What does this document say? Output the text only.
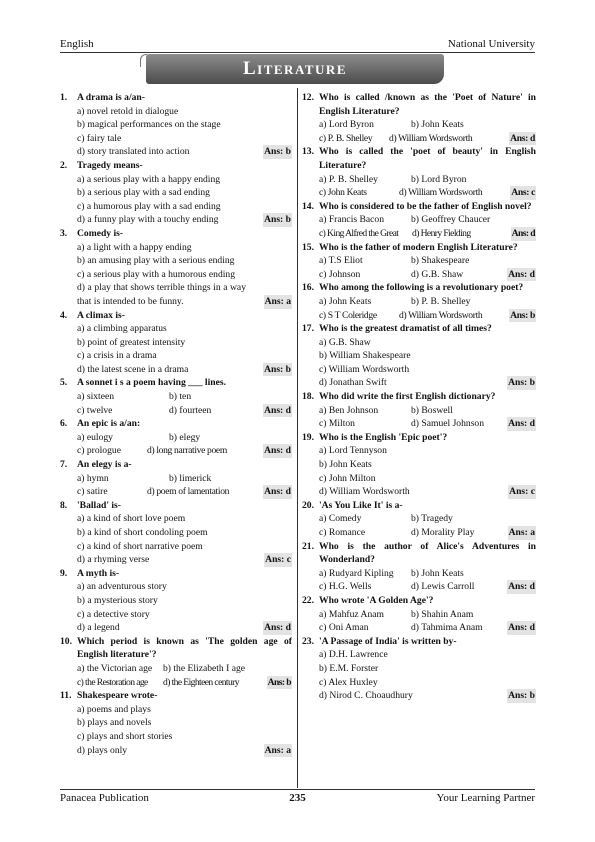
English	National University
Literature
1.	A drama is a/an-
a) novel retold in dialogue
b) magical performances on the stage
c) fairy tale
d) story translated into action	Ans: b
2.	Tragedy means-
a) a serious play with a happy ending
b) a serious play with a sad ending
c) a humorous play with a sad ending
d) a funny play with a touchy ending	Ans: b
3.	Comedy is-
a) a light with a happy ending
b) an amusing play with a serious ending
c) a serious play with a humorous ending
d) a play that shows terrible things in a way that is intended to be funny.	Ans: a
4.	A climax is-
a) a climbing apparatus
b) point of greatest intensity
c) a crisis in a drama
d) the latest scene in a drama	Ans: b
5.	A sonnet i s a poem having ___ lines.
a) sixteen	b) ten
c) twelve	d) fourteen	Ans: d
6.	An epic is a/an:
a) eulogy	b) elegy
c) prologue	d) long narrative poem	Ans: d
7.	An elegy is a-
a) hymn	b) limerick
c) satire	d) poem of lamentation	Ans: d
8.	'Ballad' is-
a) a kind of short love poem
b) a kind of short condoling poem
c) a kind of short narrative poem
d) a rhyming verse	Ans: c
9.	A myth is-
a) an adventurous story
b) a mysterious story
c) a detective story
d) a legend	Ans: d
10. Which period is known as 'The golden age of English literature'?
a) the Victorian age	b) the Elizabeth I age
c) the Restoration age	d) the Eighteen century	Ans: b
11. Shakespeare wrote-
a) poems and plays
b) plays and novels
c) plays and short stories
d) plays only	Ans: a
12. Who is called /known as the 'Poet of Nature' in English Literature?
a) Lord Byron	b) John Keats
c) P. B. Shelley	d) William Wordsworth	Ans: d
13. Who is called the 'poet of beauty' in English Literature?
a) P. B. Shelley	b) Lord Byron
c) John Keats	d) William Wordsworth	Ans: c
14. Who is considered to be the father of English novel?
a) Francis Bacon	b) Geoffrey Chaucer
c) King Alfred the Great	d) Henry Fielding	Ans: d
15. Who is the father of modern English Literature?
a) T.S Eliot	b) Shakespeare
c) Johnson	d) G.B. Shaw	Ans: d
16. Who among the following is a revolutionary poet?
a) John Keats	b) P. B. Shelley
c) S T Coleridge	d) William Wordsworth	Ans: b
17. Who is the greatest dramatist of all times?
a) G.B. Shaw
b) William Shakespeare
c) William Wordsworth
d) Jonathan Swift	Ans: b
18. Who did write the first English dictionary?
a) Ben Johnson	b) Boswell
c) Milton	d) Samuel Johnson	Ans: d
19. Who is the English 'Epic poet'?
a) Lord Tennyson
b) John Keats
c) John Milton
d) William Wordsworth	Ans: c
20. 'As You Like It' is a-
a) Comedy	b) Tragedy
c) Romance	d) Morality Play	Ans: a
21. Who is the author of Alice's Adventures in Wonderland?
a) Rudyard Kipling	b) John Keats
c) H.G. Wells	d) Lewis Carroll	Ans: d
22. Who wrote 'A Golden Age'?
a) Mahfuz Anam	b) Shahin Anam
c) Oni Aman	d) Tahmima Anam	Ans: d
23. 'A Passage of India' is written by-
a) D.H. Lawrence
b) E.M. Forster
c) Alex Huxley
d) Nirod C. Choaudhury	Ans: b
Panacea Publication	235	Your Learning Partner
